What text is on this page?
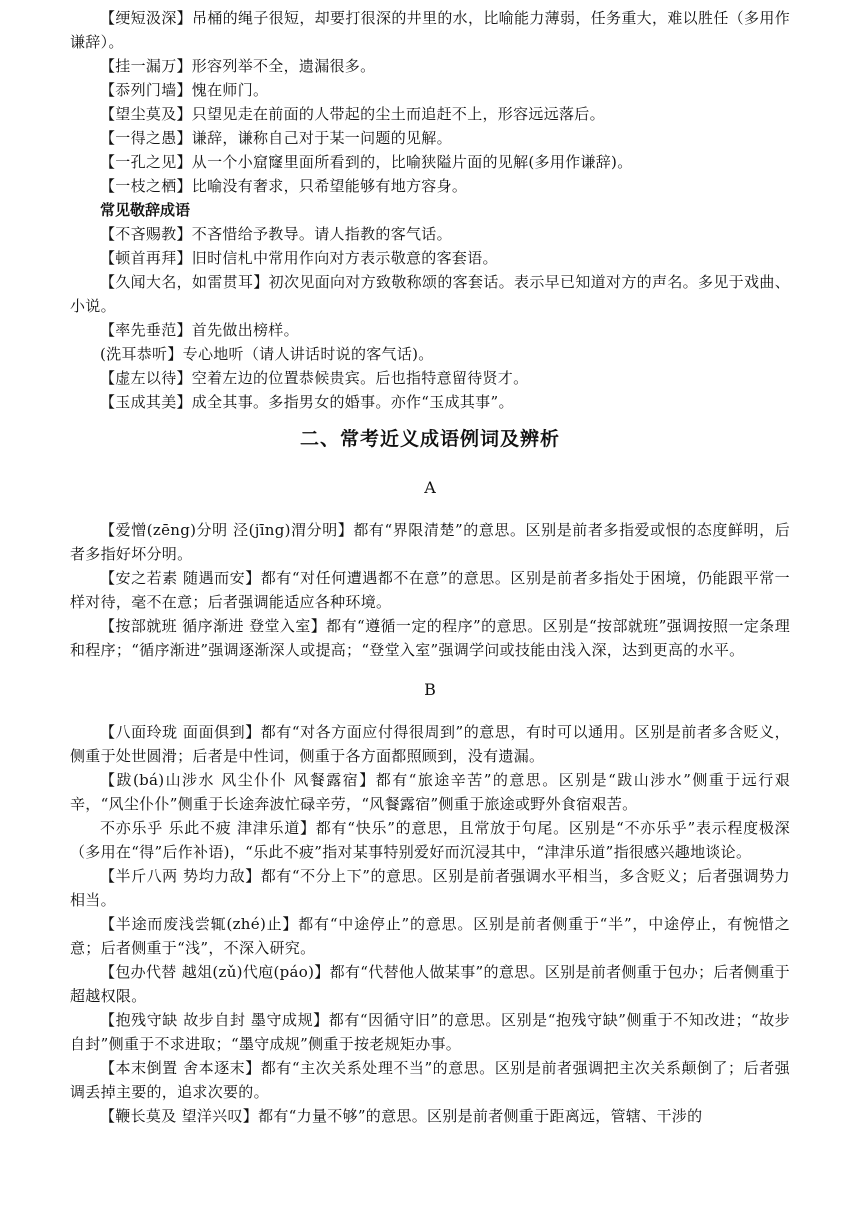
【绠短汲深】吊桶的绳子很短，却要打很深的井里的水，比喻能力薄弱，任务重大，难以胜任（多用作谦辞）。

【挂一漏万】形容列举不全，遗漏很多。

【忝列门墙】愧在师门。

【望尘莫及】只望见走在前面的人带起的尘土而追赶不上，形容远远落后。

【一得之愚】谦辞，谦称自己对于某一问题的见解。

【一孔之见】从一个小窟窿里面所看到的，比喻狭隘片面的见解(多用作谦辞)。

【一枝之栖】比喻没有奢求，只希望能够有地方容身。

常见敬辞成语

【不吝赐教】不吝惜给予教导。请人指教的客气话。

【顿首再拜】旧时信札中常用作向对方表示敬意的客套语。

【久闻大名，如雷贯耳】初次见面向对方致敬称颂的客套话。表示早已知道对方的声名。多见于戏曲、小说。

【率先垂范】首先做出榜样。

(洗耳恭听】专心地听（请人讲话时说的客气话)。

【虚左以待】空着左边的位置恭候贵宾。后也指特意留待贤才。

【玉成其美】成全其事。多指男女的婚事。亦作“玉成其事”。

二、常考近义成语例词及辨析

A

【爱憎(zēng)分明 泾(jīng)渭分明】都有“界限清楚”的意思。区别是前者多指爱或恨的态度鲜明，后者多指好坏分明。

【安之若素 随遇而安】都有“对任何遭遇都不在意”的意思。区别是前者多指处于困境，仍能跟平常一样对待，毫不在意；后者强调能适应各种环境。

【按部就班 循序渐进 登堂入室】都有“遵循一定的程序”的意思。区别是“按部就班”强调按照一定条理和程序；“循序渐进”强调逐渐深人或提高；“登堂入室”强调学问或技能由浅入深，达到更高的水平。

B

【八面玲珑 面面俱到】都有“对各方面应付得很周到”的意思，有时可以通用。区别是前者多含贬义，侧重于处世圆滑；后者是中性词，侧重于各方面都照顾到，没有遗漏。

【跋(bá)山涉水 风尘仆仆 风餐露宿】都有“旅途辛苦”的意思。区别是“跋山涉水”侧重于远行艰辛，“风尘仆仆”侧重于长途奔波忙碌辛劳，“风餐露宿”侧重于旅途或野外食宿艰苦。

不亦乐乎 乐此不疲 津津乐道】都有“快乐”的意思，且常放于句尾。区别是“不亦乐乎”表示程度极深（多用在“得”后作补语)，“乐此不疲”指对某事特别爱好而沉浸其中，“津津乐道”指很感兴趣地谈论。

【半斤八两 势均力敌】都有“不分上下”的意思。区别是前者强调水平相当，多含贬义；后者强调势力相当。

【半途而废浅尝辄(zhé)止】都有“中途停止”的意思。区别是前者侧重于“半”，中途停止，有惋惜之意；后者侧重于“浅”，不深入研究。

【包办代替 越俎(zǔ)代庖(páo)】都有“代替他人做某事”的意思。区别是前者侧重于包办；后者侧重于超越权限。

【抱残守缺 故步自封 墨守成规】都有“因循守旧”的意思。区别是“抱残守缺”侧重于不知改进；“故步自封”侧重于不求进取；“墨守成规”侧重于按老规矩办事。

【本末倒置 舍本逐末】都有“主次关系处理不当”的意思。区别是前者强调把主次关系颠倒了；后者强调丢掉主要的，追求次要的。

【鞭长莫及 望洋兴叹】都有“力量不够”的意思。区别是前者侧重于距离远，管辖、干涉的
